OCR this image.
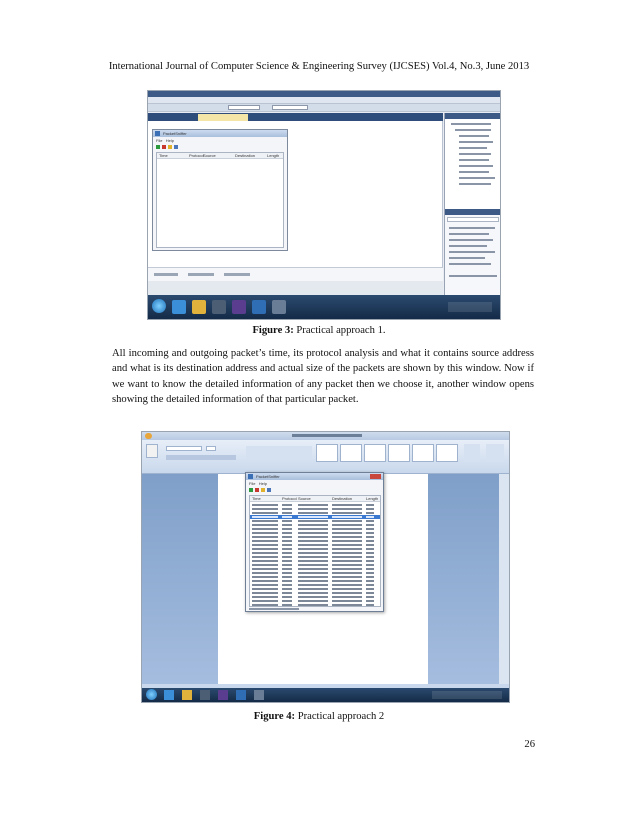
International Journal of Computer Science & Engineering Survey (IJCSES) Vol.4, No.3, June 2013
PacketSniffer
File Help
Time	Protocol Source	Destination	Length
Figure 3: Practical approach 1.
All incoming and outgoing packet’s time, its protocol analysis and what it contains source address and what is its destination address and actual size of the packets are shown by this window. Now if we want to know the detailed information of any packet then we choose it, another window opens showing the detailed information of that particular packet.
PacketSniffer
File Help
Time	Protocol Source	Destination	Length
Figure 4: Practical approach 2
26
